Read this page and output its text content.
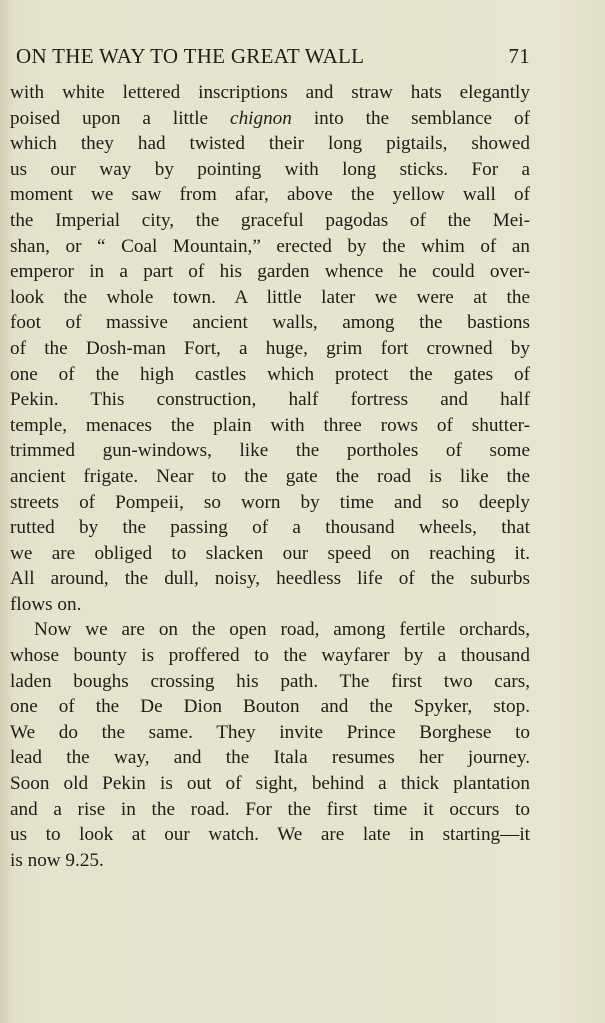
ON THE WAY TO THE GREAT WALL	71
with white lettered inscriptions and straw hats elegantly
poised upon a little chignon into the semblance of
which they had twisted their long pigtails, showed
us our way by pointing with long sticks. For a
moment we saw from afar, above the yellow wall of
the Imperial city, the graceful pagodas of the Mei-
shan, or “ Coal Mountain,” erected by the whim of an
emperor in a part of his garden whence he could over-
look the whole town. A little later we were at the
foot of massive ancient walls, among the bastions
of the Dosh-man Fort, a huge, grim fort crowned by
one of the high castles which protect the gates of
Pekin. This construction, half fortress and half
temple, menaces the plain with three rows of shutter-
trimmed gun-windows, like the portholes of some
ancient frigate. Near to the gate the road is like the
streets of Pompeii, so worn by time and so deeply
rutted by the passing of a thousand wheels, that
we are obliged to slacken our speed on reaching it.
All around, the dull, noisy, heedless life of the suburbs
flows on.
Now we are on the open road, among fertile orchards,
whose bounty is proffered to the wayfarer by a thousand
laden boughs crossing his path. The first two cars,
one of the De Dion Bouton and the Spyker, stop.
We do the same. They invite Prince Borghese to
lead the way, and the Itala resumes her journey.
Soon old Pekin is out of sight, behind a thick plantation
and a rise in the road. For the first time it occurs to
us to look at our watch. We are late in starting—it
is now 9.25.
